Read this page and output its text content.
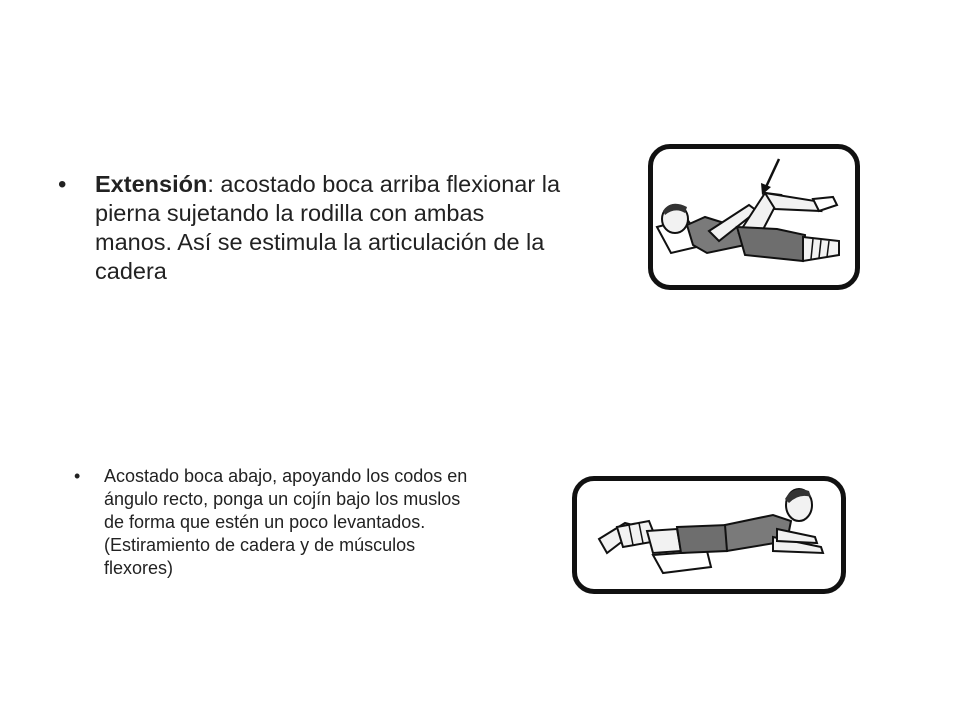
• Extensión: acostado boca arriba flexionar la pierna sujetando la rodilla con ambas manos. Así se estimula la articulación de la cadera
• Acostado boca abajo, apoyando los codos en ángulo recto, ponga un cojín bajo los muslos de forma que estén un poco levantados. (Estiramiento de cadera y de músculos flexores)
